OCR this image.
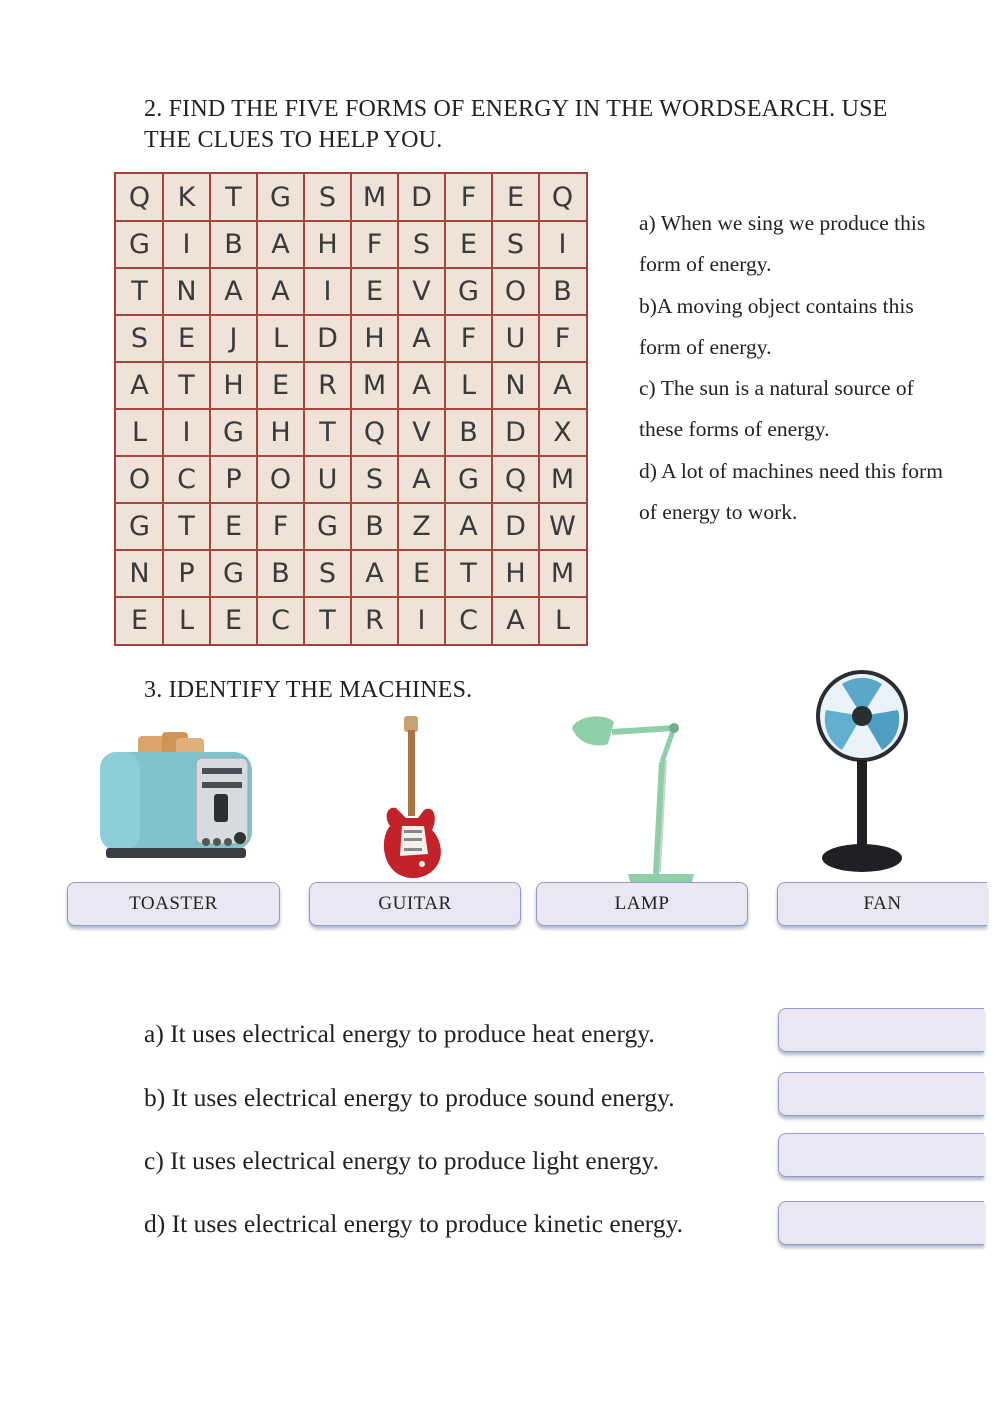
2. FIND THE FIVE FORMS OF ENERGY IN THE WORDSEARCH. USE THE CLUES TO HELP YOU.
Q	K	T	G	S M D	F	E	Q
G	I	B	A	H	F	S	E	S	I
T	N	A	A	I	E	V	G O	B
S	E	J	L	D H	A	F	U	F
A	T	H	E	R M A	L	N	A
L	I	G H	T	Q	V	B	D	X
O C	P	O U	S	A	G Q M
G	T	E	F	G	B	Z	A	D W
N	P	G	B	S	A	E	T	H M
E	L	E	C	T	R	I	C	A	L

a) When we sing we produce this form of energy.

b)A moving object contains this form of energy.

c) The sun is a natural source of these forms of energy.

d) A lot of machines need this form of energy to work.

3. IDENTIFY THE MACHINES.
TOASTER	GUITAR	LAMP	FAN

a) It uses electrical energy to produce heat energy.

b) It uses electrical energy to produce sound energy.

c) It uses electrical energy to produce light energy.

d) It uses electrical energy to produce kinetic energy.
